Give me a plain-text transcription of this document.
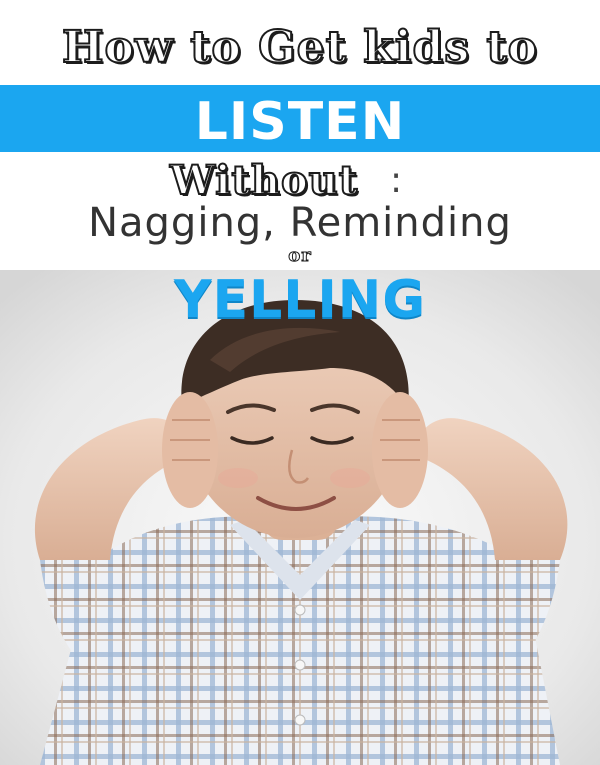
How to Get kids to
LISTEN
Without :
Nagging, Reminding
or
YELLING
